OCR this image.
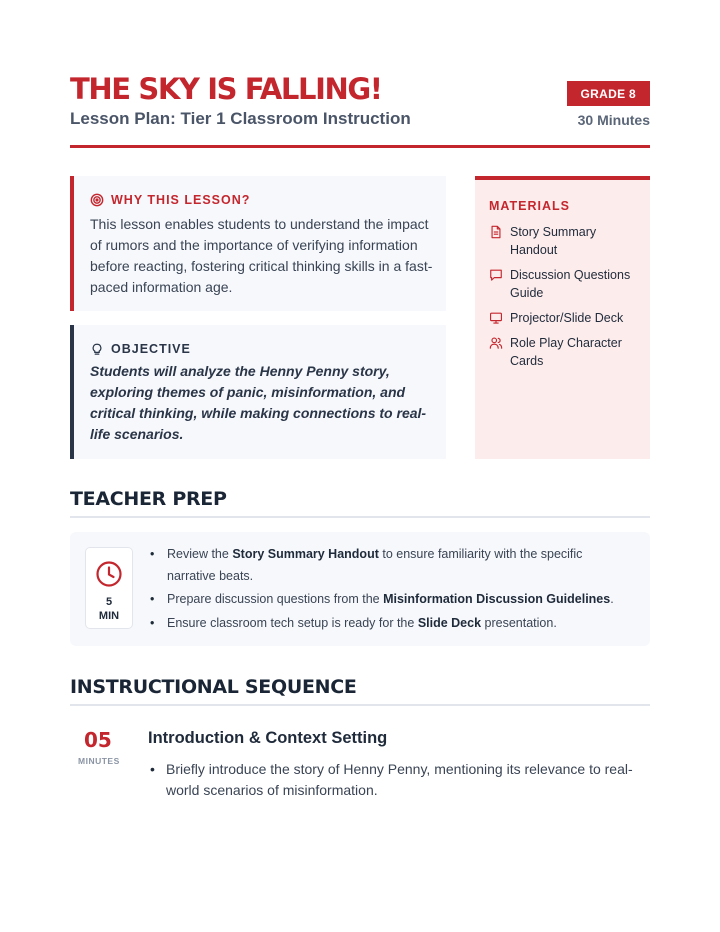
THE SKY IS FALLING!
Lesson Plan: Tier 1 Classroom Instruction
GRADE 8
30 Minutes
WHY THIS LESSON?
This lesson enables students to understand the impact of rumors and the importance of verifying information before reacting, fostering critical thinking skills in a fast-paced information age.
OBJECTIVE
Students will analyze the Henny Penny story, exploring themes of panic, misinformation, and critical thinking, while making connections to real-life scenarios.
MATERIALS
Story Summary Handout
Discussion Questions Guide
Projector/Slide Deck
Role Play Character Cards
TEACHER PREP
5
MIN
• Review the Story Summary Handout to ensure familiarity with the specific narrative beats.
• Prepare discussion questions from the Misinformation Discussion Guidelines.
• Ensure classroom tech setup is ready for the Slide Deck presentation.
INSTRUCTIONAL SEQUENCE
05
MINUTES
Introduction & Context Setting
• Briefly introduce the story of Henny Penny, mentioning its relevance to real-world scenarios of misinformation.
